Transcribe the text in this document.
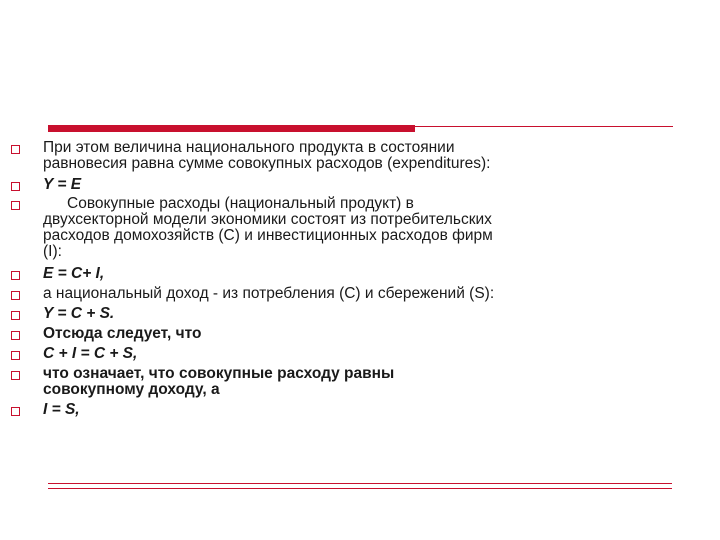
При этом величина национального продукта в состоянии
равновесия равна сумме совокупных расходов (expenditures):
Y = E
Совокупные расходы (национальный продукт) в
двухсекторной модели экономики состоят из потребительских
расходов домохозяйств (C) и инвестиционных расходов фирм
(I):
E = C+ I,
а национальный доход - из потребления (C) и сбережений (S):
Y = C + S.
Отсюда следует, что
C + I = C + S,
что означает, что совокупные расходу равны
совокупному доходу, а
I = S,
